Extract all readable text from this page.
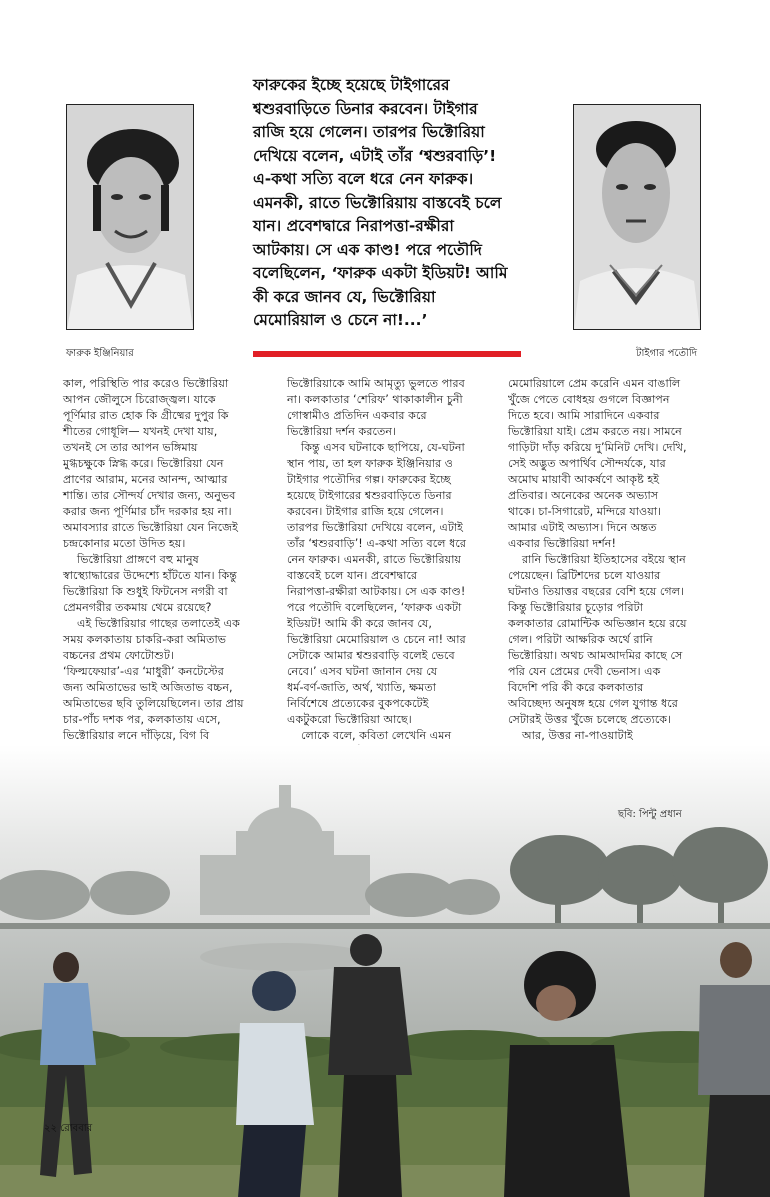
ফারুক ইঞ্জিনিয়ার	টাইগার পতৌদি
ফারুকের ইচ্ছে হয়েছে টাইগারের
শ্বশুরবাড়িতে ডিনার করবেন। টাইগার
রাজি হয়ে গেলেন। তারপর ভিক্টোরিয়া
দেখিয়ে বলেন, এটাই তাঁর ‘শ্বশুরবাড়ি’!
এ-কথা সত্যি বলে ধরে নেন ফারুক।
এমনকী, রাতে ভিক্টোরিয়ায় বাস্তবেই চলে
যান। প্রবেশদ্বারে নিরাপত্তা-রক্ষীরা
আটকায়। সে এক কাণ্ড! পরে পতৌদি
বলেছিলেন, ‘ফারুক একটা ইডিয়ট! আমি
কী করে জানব যে, ভিক্টোরিয়া
মেমোরিয়াল ও চেনে না!...’

কাল, পরিস্থিতি পার করেও ভিক্টোরিয়া
আপন জৌলুসে চিরোজ্জ্বল। যাকে
পূর্ণিমার রাত হোক কি গ্রীষ্মের দুপুর কি
শীতের গোধূলি— যখনই দেখা যায়,
তখনই সে তার আপন ভঙ্গিমায়
মুগ্ধচক্ষুকে স্নিগ্ধ করে। ভিক্টোরিয়া যেন
প্রাণের আরাম, মনের আনন্দ, আত্মার
শান্তি। তার সৌন্দর্য দেখার জন্য, অনুভব
করার জন্য পূর্ণিমার চাঁদ দরকার হয় না।
অমাবস্যার রাতে ভিক্টোরিয়া যেন নিজেই
চন্দ্রকোনার মতো উদিত হয়।

ভিক্টোরিয়া প্রাঙ্গণে বহু মানুষ
স্বাস্থ্যোদ্ধারের উদ্দেশ্যে হাঁটতে যান। কিন্তু
ভিক্টোরিয়া কি শুধুই ফিটনেস নগরী বা
প্রেমনগরীর তকমায় থেমে রয়েছে?

এই ভিক্টোরিয়ার গাছের তলাতেই এক
সময় কলকাতায় চাকরি-করা অমিতাভ
বচ্চনের প্রথম ফোটোশুট।
‘ফিল্মফেয়ার’-এর ‘মাধুরী’ কনটেস্টের
জন্য অমিতাভের ভাই অজিতাভ বচ্চন,
অমিতাভের ছবি তুলিয়েছিলেন। তার প্রায়
চার-পাঁচ দশক পর, কলকাতায় এসে,
ভিক্টোরিয়ার লনে দাঁড়িয়ে, বিগ বি

ভিক্টোরিয়াকে আমি আমৃত্যু ভুলতে পারব
না। কলকাতার ‘শেরিফ’ থাকাকালীন চুনী
গোস্বামীও প্রতিদিন একবার করে
ভিক্টোরিয়া দর্শন করতেন।

কিন্তু এসব ঘটনাকে ছাপিয়ে, যে-ঘটনা
স্থান পায়, তা হল ফারুক ইঞ্জিনিয়ার ও
টাইগার পতৌদির গল্প। ফারুকের ইচ্ছে
হয়েছে টাইগারের শ্বশুরবাড়িতে ডিনার
করবেন। টাইগার রাজি হয়ে গেলেন।
তারপর ভিক্টোরিয়া দেখিয়ে বলেন, এটাই
তাঁর ‘শ্বশুরবাড়ি’! এ-কথা সত্যি বলে ধরে
নেন ফারুক। এমনকী, রাতে ভিক্টোরিয়ায়
বাস্তবেই চলে যান। প্রবেশদ্বারে
নিরাপত্তা-রক্ষীরা আটকায়। সে এক কাণ্ড!
পরে পতৌদি বলেছিলেন, ‘ফারুক একটা
ইডিয়ট! আমি কী করে জানব যে,
ভিক্টোরিয়া মেমোরিয়াল ও চেনে না! আর
সেটাকে আমার শ্বশুরবাড়ি বলেই ভেবে
নেবে।’ এসব ঘটনা জানান দেয় যে
ধর্ম-বর্ণ-জাতি, অর্থ, খ্যাতি, ক্ষমতা
নির্বিশেষে প্রত্যেকের বুকপকেটেই
একটুকরো ভিক্টোরিয়া আছে।

লোকে বলে, কবিতা লেখেনি এমন

মেমোরিয়ালে প্রেম করেনি এমন বাঙালি
খুঁজে পেতে বোধহয় গুগলে বিজ্ঞাপন
দিতে হবে। আমি সারাদিনে একবার
ভিক্টোরিয়া যাই। প্রেম করতে নয়। সামনে
গাড়িটা দাঁড় করিয়ে দু’মিনিট দেখি। দেখি,
সেই অদ্ভুত অপার্থিব সৌন্দর্যকে, যার
অমোঘ মায়াবী আকর্ষণে আকৃষ্ট হই
প্রতিবার। অনেকের অনেক অভ্যাস
থাকে। চা-সিগারেট, মন্দিরে যাওয়া।
আমার এটাই অভ্যাস। দিনে অন্তত
একবার ভিক্টোরিয়া দর্শন!

রানি ভিক্টোরিয়া ইতিহাসের বইয়ে স্থান
পেয়েছেন। ব্রিটিশদের চলে যাওয়ার
ঘটনাও তিয়াত্তর বছরের বেশি হয়ে গেল।
কিন্তু ভিক্টোরিয়ার চূড়োর পরিটা
কলকাতার রোমান্টিক অভিজ্ঞান হয়ে রয়ে
গেল। পরিটা আক্ষরিক অর্থে রানি
ভিক্টোরিয়া। অথচ আমআদমির কাছে সে
পরি যেন প্রেমের দেবী ভেনাস। এক
বিদেশি পরি কী করে কলকাতার
অবিচ্ছেদ্য অনুষঙ্গ হয়ে গেল যুগান্ত ধরে
সেটারই উত্তর খুঁজে চলেছে প্রত্যেকে।

আর, উত্তর না-পাওয়াটাই

ছবি: পিন্টু প্রধান
২২ রোববার
